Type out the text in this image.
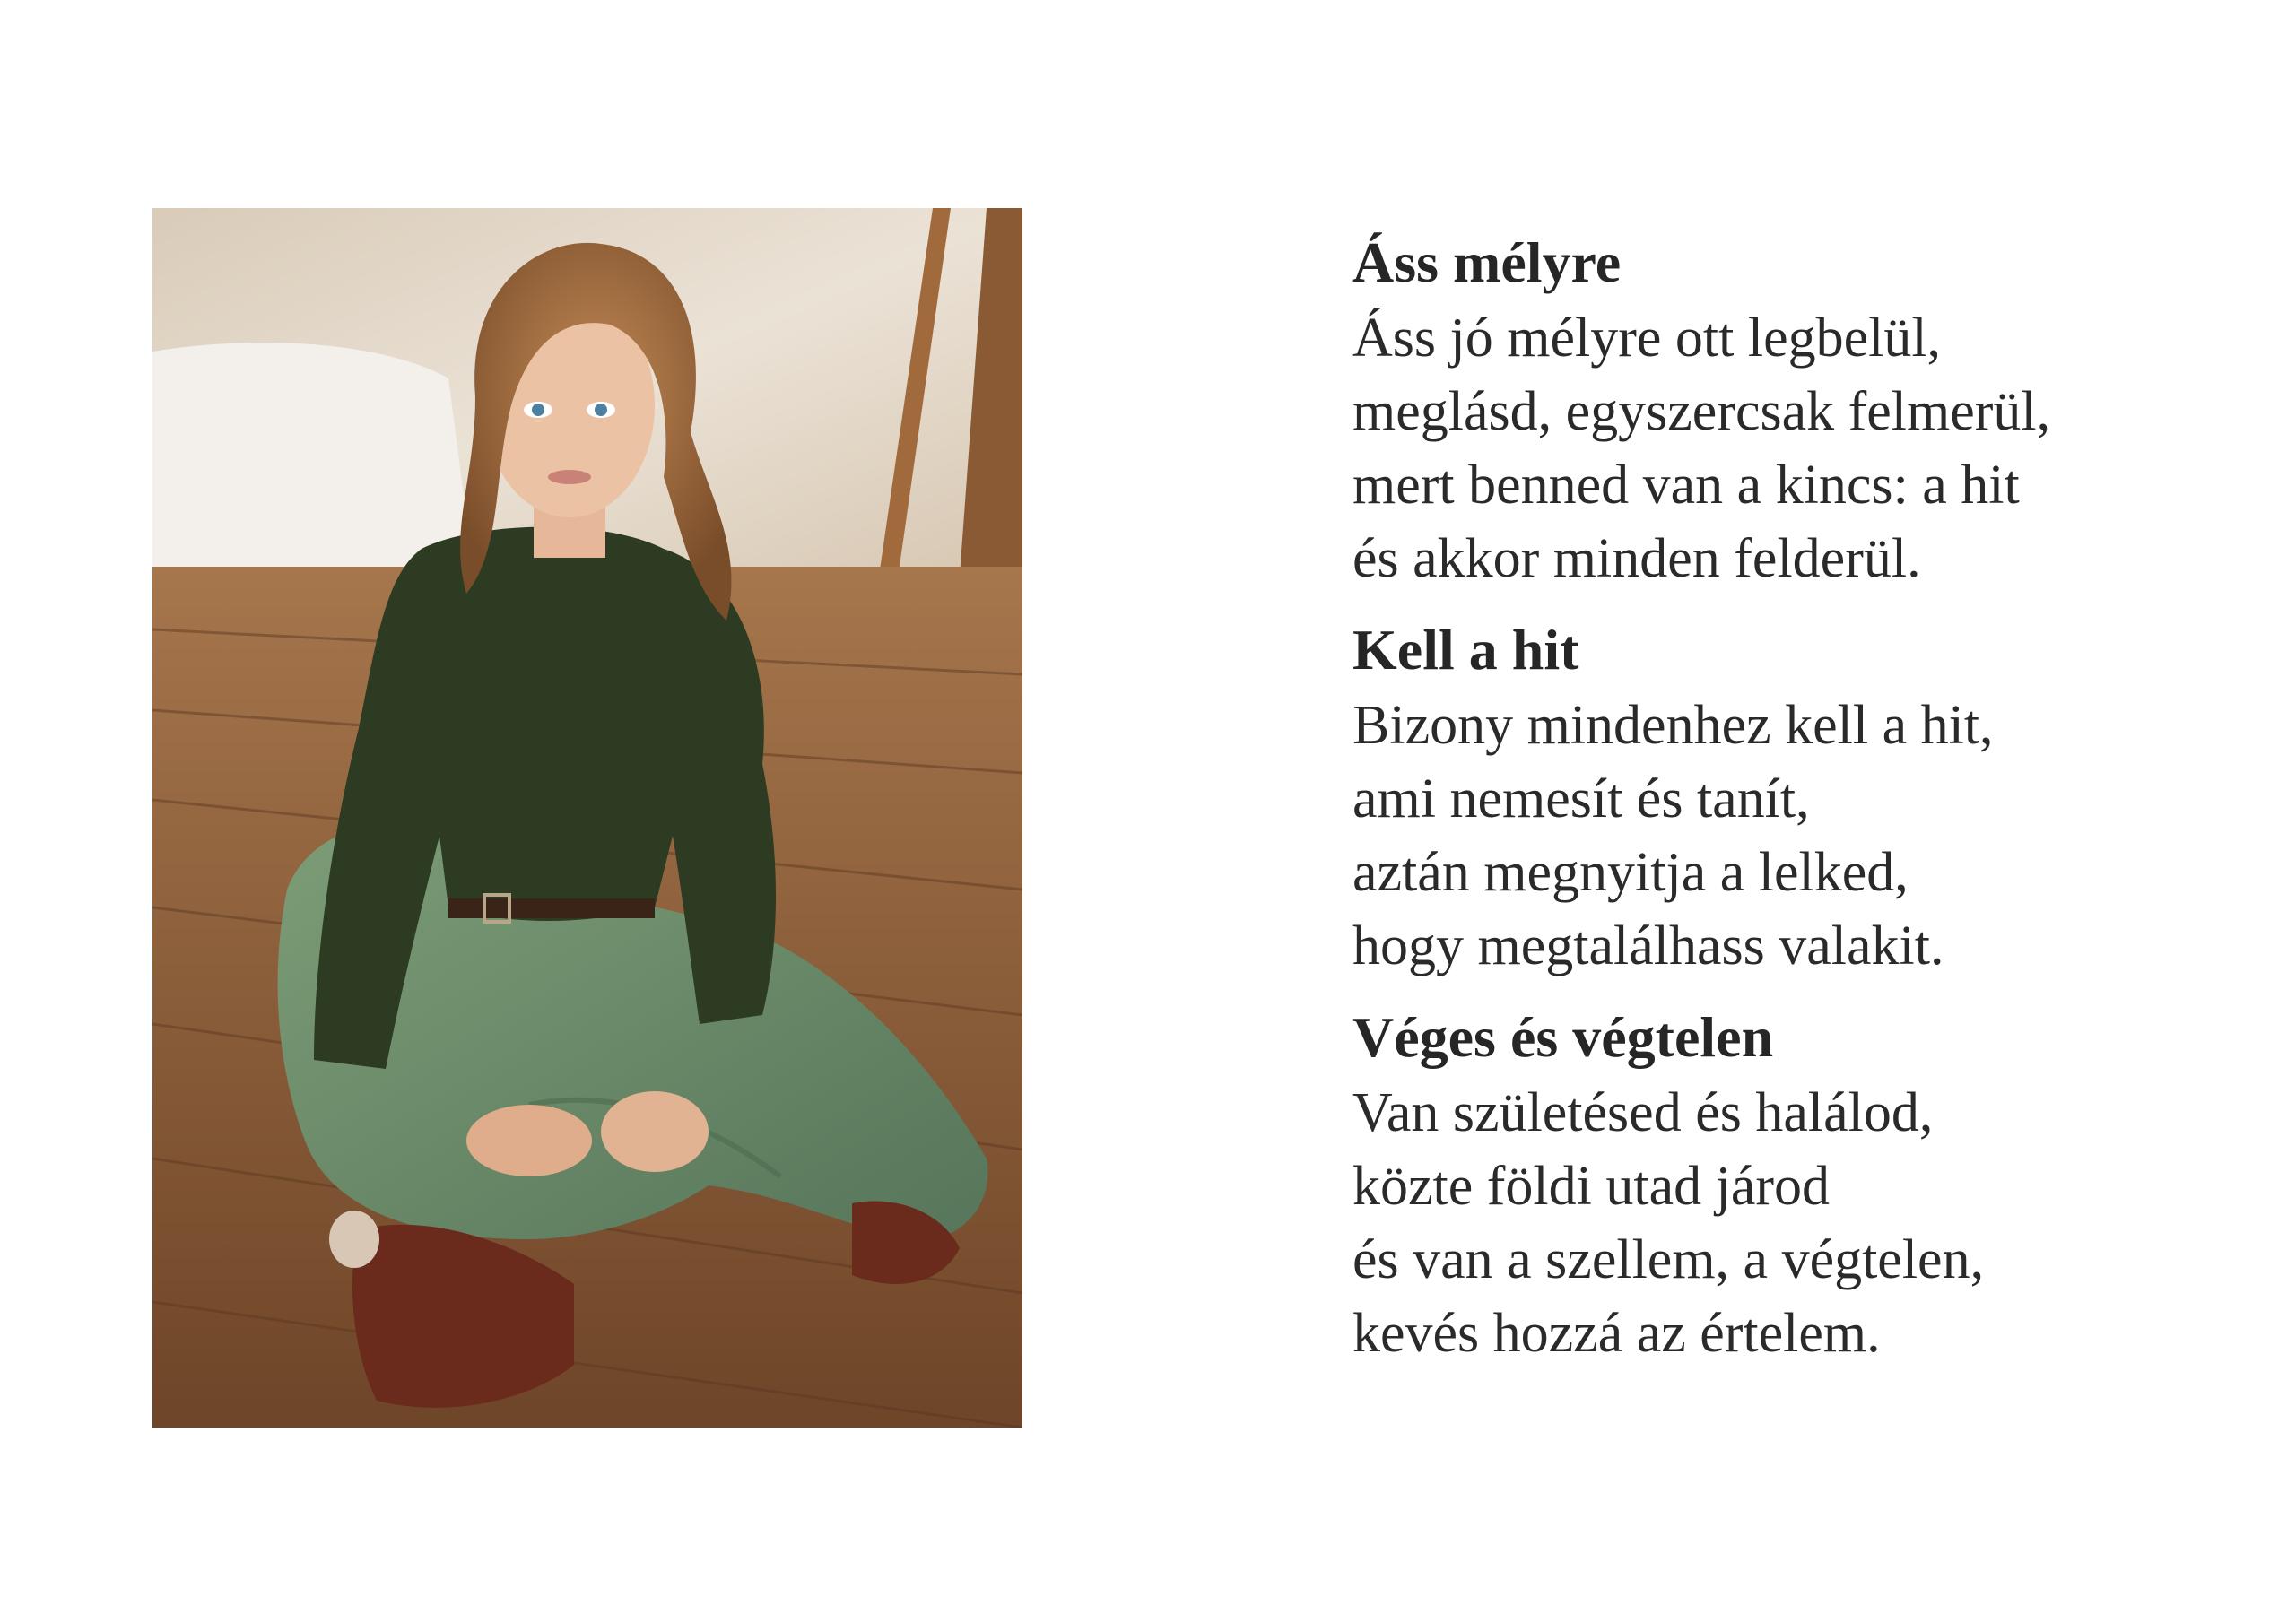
Áss mélyre
Áss jó mélyre ott legbelül,
meglásd, egyszercsak felmerül,
mert benned van a kincs: a hit
és akkor minden felderül.
Kell a hit
Bizony mindenhez kell a hit,
ami nemesít és tanít,
aztán megnyitja a lelked,
hogy megtalálhass valakit.
Véges és végtelen
Van születésed és halálod,
közte földi utad járod
és van a szellem, a végtelen,
kevés hozzá az értelem.
